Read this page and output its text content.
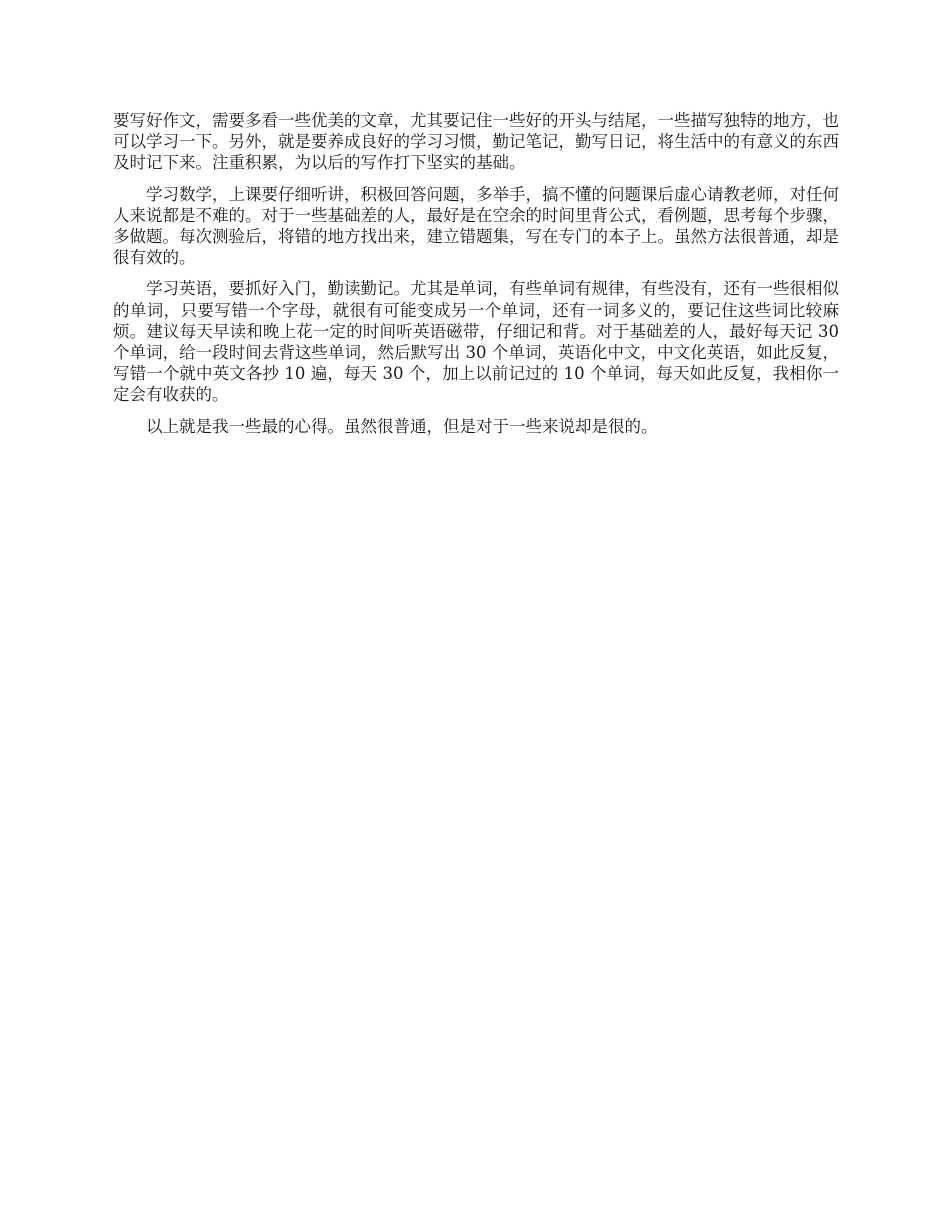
要写好作文，需要多看一些优美的文章，尤其要记住一些好的开头与结尾，一些描写独特的地方，也可以学习一下。另外，就是要养成良好的学习习惯，勤记笔记，勤写日记，将生活中的有意义的东西及时记下来。注重积累，为以后的写作打下坚实的基础。

学习数学，上课要仔细听讲，积极回答问题，多举手，搞不懂的问题课后虚心请教老师，对任何人来说都是不难的。对于一些基础差的人，最好是在空余的时间里背公式，看例题，思考每个步骤，多做题。每次测验后，将错的地方找出来，建立错题集，写在专门的本子上。虽然方法很普通，却是很有效的。

学习英语，要抓好入门，勤读勤记。尤其是单词，有些单词有规律，有些没有，还有一些很相似的单词，只要写错一个字母，就很有可能变成另一个单词，还有一词多义的，要记住这些词比较麻烦。建议每天早读和晚上花一定的时间听英语磁带，仔细记和背。对于基础差的人，最好每天记 30 个单词，给一段时间去背这些单词，然后默写出 30 个单词，英语化中文，中文化英语，如此反复，写错一个就中英文各抄 10 遍，每天 30 个，加上以前记过的 10 个单词，每天如此反复，我相你一定会有收获的。

以上就是我一些最的心得。虽然很普通，但是对于一些来说却是很的。
